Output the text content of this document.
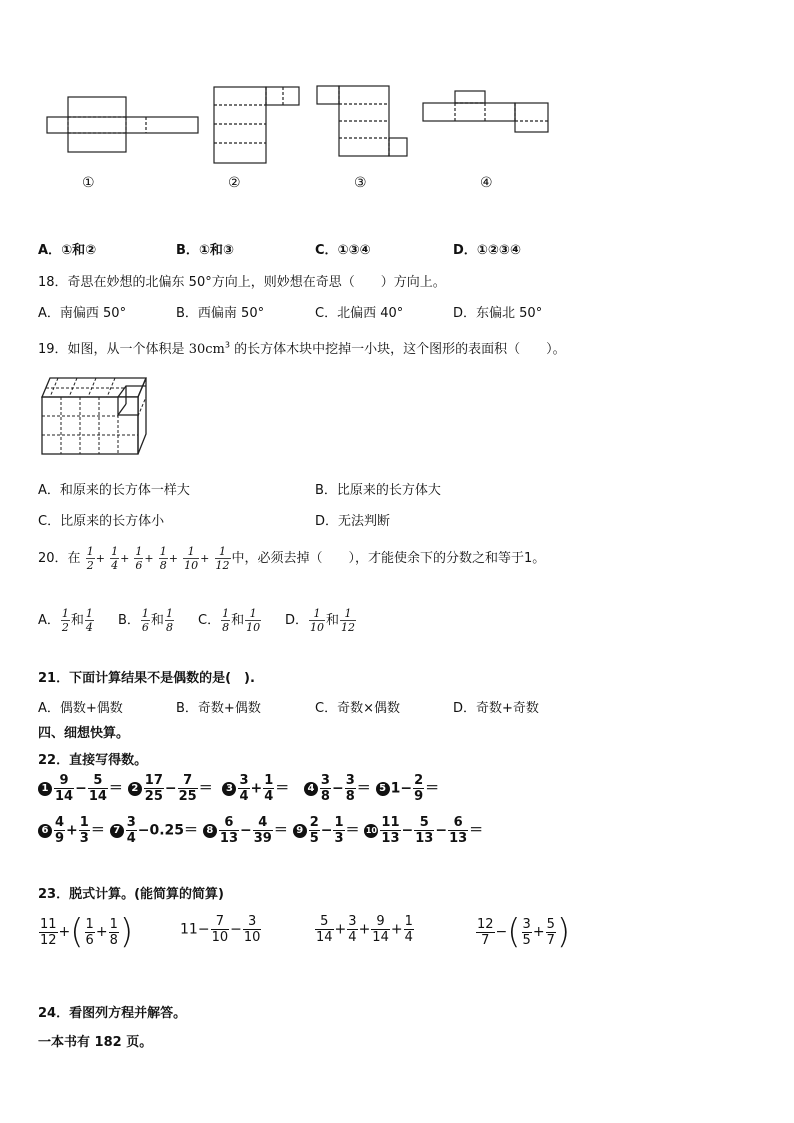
①	②	③	④
A．①和②	B．①和③	C．①③④	D．①②③④
18．奇思在妙想的北偏东 50°方向上，则妙想在奇思（　　）方向上。
A．南偏西 50°	B．西偏南 50°	C．北偏西 40°	D．东偏北 50°
19．如图，从一个体积是 $30cm^3$ 的长方体木块中挖掉一小块，这个图形的表面积（　　）。
A．和原来的长方体一样大	B．比原来的长方体大
C．比原来的长方体小	D．无法判断
20．在 $\frac{1}{2} + \frac{1}{4} + \frac{1}{6} + \frac{1}{8} + \frac{1}{10} + \frac{1}{12}$ 中，必须去掉（　　），才能使余下的分数之和等于1。
A． $\frac{1}{2}$ 和 $\frac{1}{4}$ B． $\frac{1}{6}$ 和 $\frac{1}{8}$ C． $\frac{1}{8}$ 和 $\frac{1}{10}$ D． $\frac{1}{10}$ 和 $\frac{1}{12}$
21．下面计算结果不是偶数的是(　).
A．偶数+偶数	B．奇数+偶数	C．奇数×偶数	D．奇数+奇数
四、细想快算。
22．直接写得数。
$1 \frac{9}{14} - \frac{5}{14} = 2 \frac{17}{25} - \frac{7}{25} = 3 \frac{3}{4} + \frac{1}{4} = 4 \frac{3}{8} - \frac{3}{8} = 5$ $1- \frac{2}{9}$ ＝
$6 \frac{4}{9} + \frac{1}{3} = 7 \frac{3}{4} -0.25= 8 \frac{6}{13} - \frac{4}{39} = 9 \frac{2}{5} - \frac{1}{3} = 10 \frac{11}{13} - \frac{5}{13} - \frac{6}{13}$ ＝
23．脱式计算。(能简算的简算)
$\frac{11}{12}$ +( $\frac{1}{6} + \frac{1}{8}$ )	$11- \frac{7}{10} - \frac{3}{10}$	$\frac{5}{14} + \frac{3}{4} + \frac{9}{14} + \frac{1}{4}$	$\frac{12}{7}$ −( $\frac{3}{5} + \frac{5}{7}$ )
24．看图列方程并解答。
一本书有 182 页。
